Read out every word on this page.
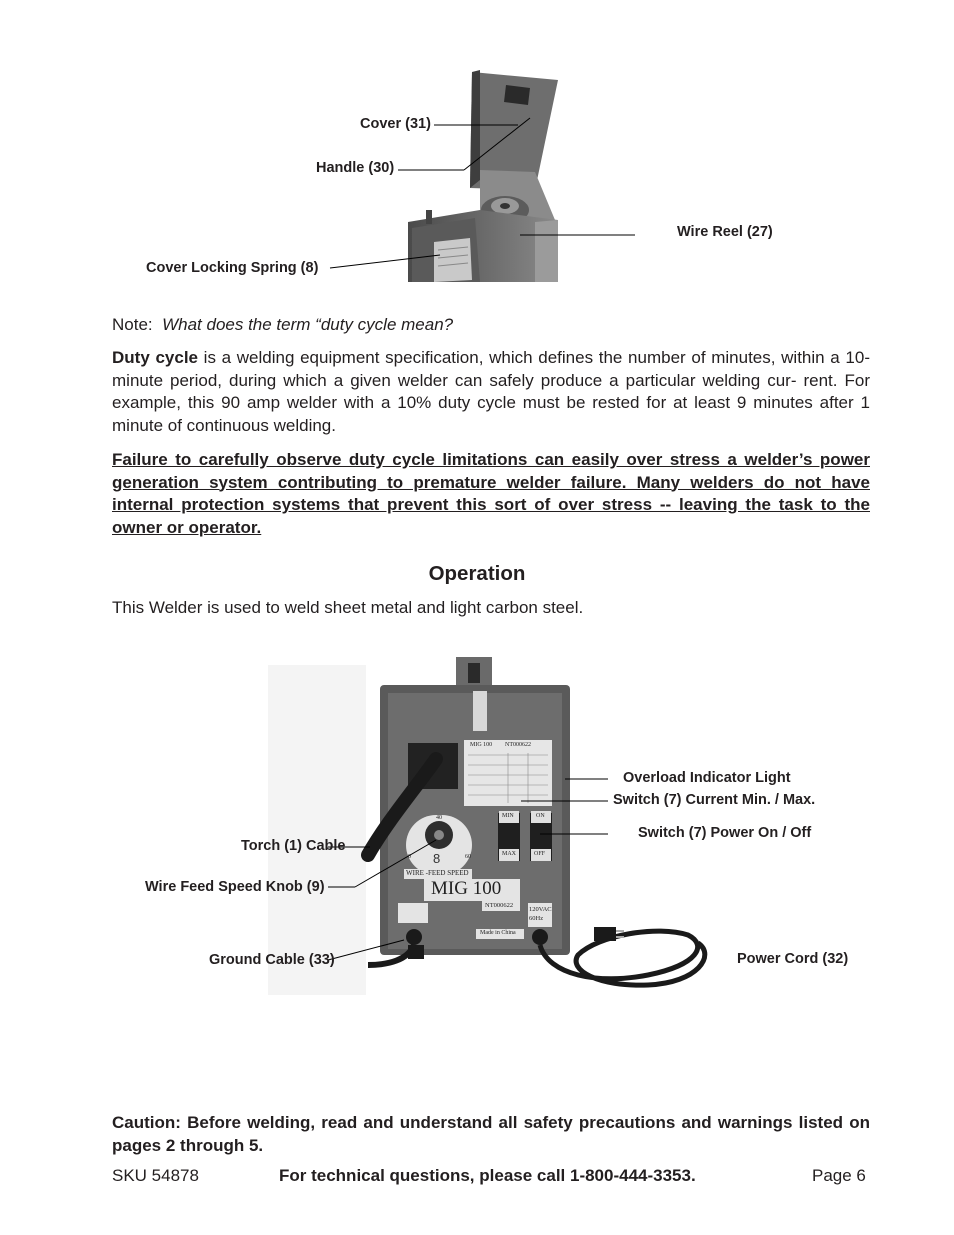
Cover (31)
Handle (30)
Wire Reel (27)
Cover Locking Spring (8)
Note: What does the term “duty cycle mean?
Duty cycle is a welding equipment specification, which defines the number of minutes, within a 10-minute period, during which a given welder can safely produce a particular welding cur- rent. For example, this 90 amp welder with a 10% duty cycle must be rested for at least 9 minutes after 1 minute of continuous welding.
Failure to carefully observe duty cycle limitations can easily over stress a welder’s power generation system contributing to premature welder failure. Many welders do not have internal protection systems that prevent this sort of over stress -- leaving the task to the owner or operator.
Operation
This Welder is used to weld sheet metal and light carbon steel.
MIG 100
WIRE -FEED SPEED
NT000622
NT000622
MIG 100
120VAC
60Hz
Made in China
MIN
MAX
ON
OFF
8
0	60
40
Overload Indicator Light
Switch (7) Current Min. / Max.
Switch (7) Power On / Off
Torch (1) Cable
Wire Feed Speed Knob (9)
Ground Cable (33)	Power Cord (32)
Caution: Before welding, read and understand all safety precautions and warnings listed on pages 2 through 5.
SKU 54878	For technical questions, please call 1-800-444-3353.	Page 6
